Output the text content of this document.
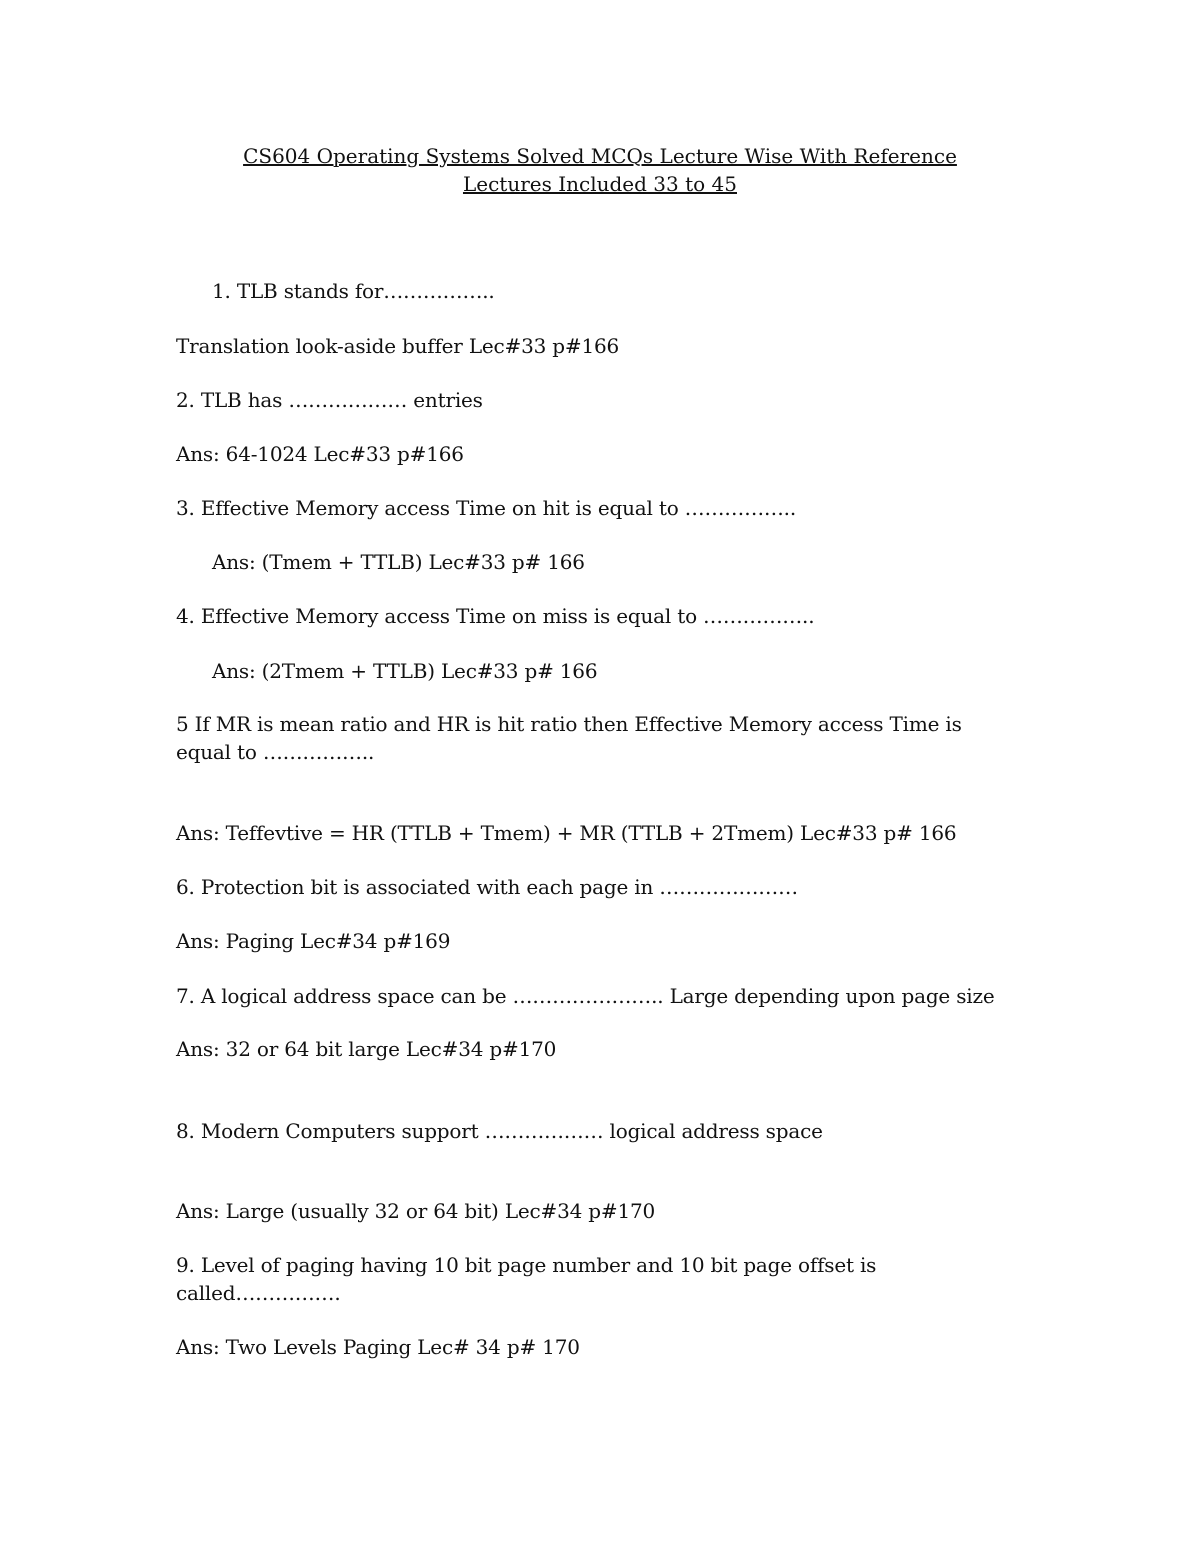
CS604 Operating Systems Solved MCQs Lecture Wise With Reference
Lectures Included 33 to 45
1. TLB stands for……………..
Translation look-aside buffer Lec#33 p#166
2. TLB has ……………… entries
Ans: 64-1024 Lec#33 p#166
3. Effective Memory access Time on hit is equal to ……………..
Ans: (Tmem + TTLB) Lec#33 p# 166
4. Effective Memory access Time on miss is equal to ……………..
Ans: (2Tmem + TTLB) Lec#33 p# 166
5 If MR is mean ratio and HR is hit ratio then Effective Memory access Time is
equal to ……………..
Ans: Teffevtive = HR (TTLB + Tmem) + MR (TTLB + 2Tmem) Lec#33 p# 166
6. Protection bit is associated with each page in …………………
Ans: Paging Lec#34 p#169
7. A logical address space can be ………………….. Large depending upon page size
Ans: 32 or 64 bit large Lec#34 p#170
8. Modern Computers support ……………… logical address space
Ans: Large (usually 32 or 64 bit) Lec#34 p#170
9. Level of paging having 10 bit page number and 10 bit page offset is
called…………….
Ans: Two Levels Paging Lec# 34 p# 170
